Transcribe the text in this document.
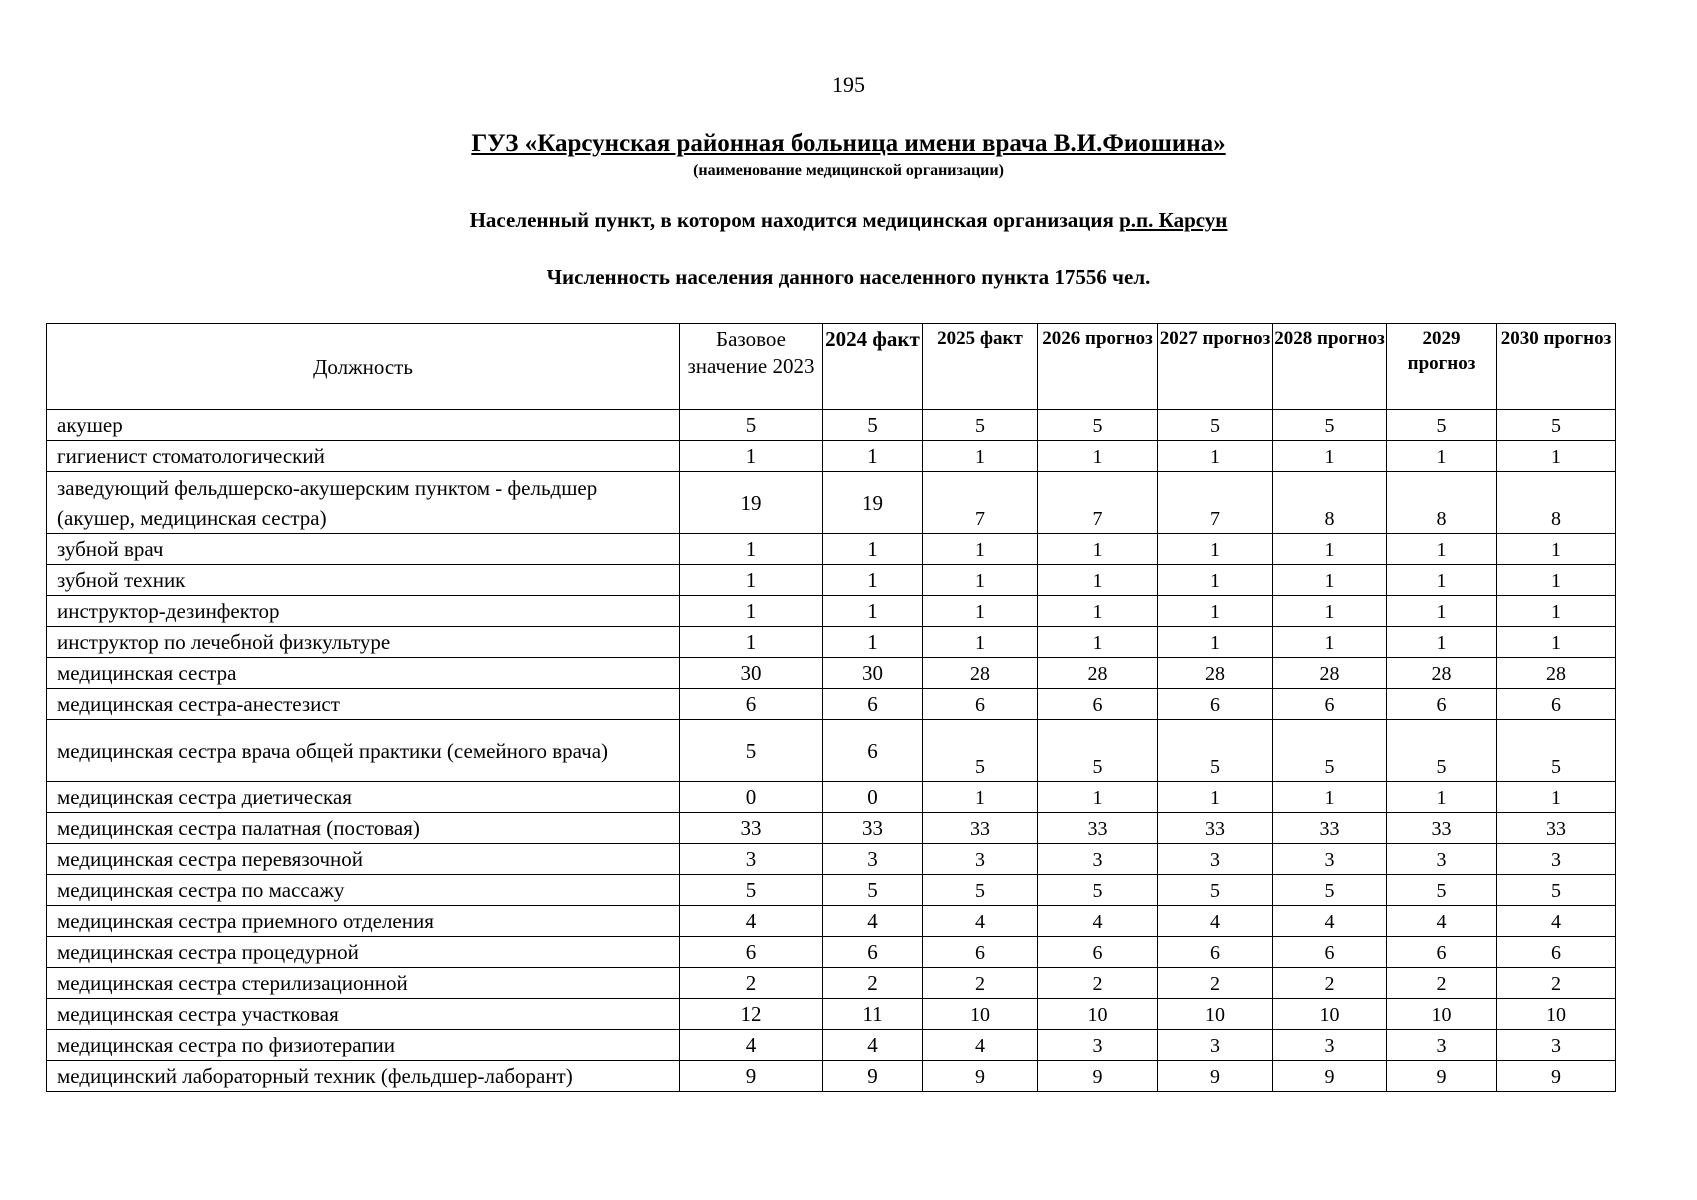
195
ГУЗ «Карсунская районная больница имени врача В.И.Фиошина»
(наименование медицинской организации)
Населенный пункт, в котором находится медицинская организация р.п. Карсун
Численность населения данного населенного пункта 17556 чел.
Должность	Базовое значение 2023	2024 факт	2025 факт	2026 прогноз	2027 прогноз	2028 прогноз	2029 прогноз	2030 прогноз
акушер	5	5	5	5	5	5	5	5
гигиенист стоматологический	1	1	1	1	1	1	1	1
заведующий фельдшерско-акушерским пунктом - фельдшер (акушер, медицинская сестра)	19	19	7	7	7	8	8	8
зубной врач	1	1	1	1	1	1	1	1
зубной техник	1	1	1	1	1	1	1	1
инструктор-дезинфектор	1	1	1	1	1	1	1	1
инструктор по лечебной физкультуре	1	1	1	1	1	1	1	1
медицинская сестра	30	30	28	28	28	28	28	28
медицинская сестра-анестезист	6	6	6	6	6	6	6	6
медицинская сестра врача общей практики (семейного врача)	5	6	5	5	5	5	5	5
медицинская сестра диетическая	0	0	1	1	1	1	1	1
медицинская сестра палатная (постовая)	33	33	33	33	33	33	33	33
медицинская сестра перевязочной	3	3	3	3	3	3	3	3
медицинская сестра по массажу	5	5	5	5	5	5	5	5
медицинская сестра приемного отделения	4	4	4	4	4	4	4	4
медицинская сестра процедурной	6	6	6	6	6	6	6	6
медицинская сестра стерилизационной	2	2	2	2	2	2	2	2
медицинская сестра участковая	12	11	10	10	10	10	10	10
медицинская сестра по физиотерапии	4	4	4	3	3	3	3	3
медицинский лабораторный техник (фельдшер-лаборант)	9	9	9	9	9	9	9	9
